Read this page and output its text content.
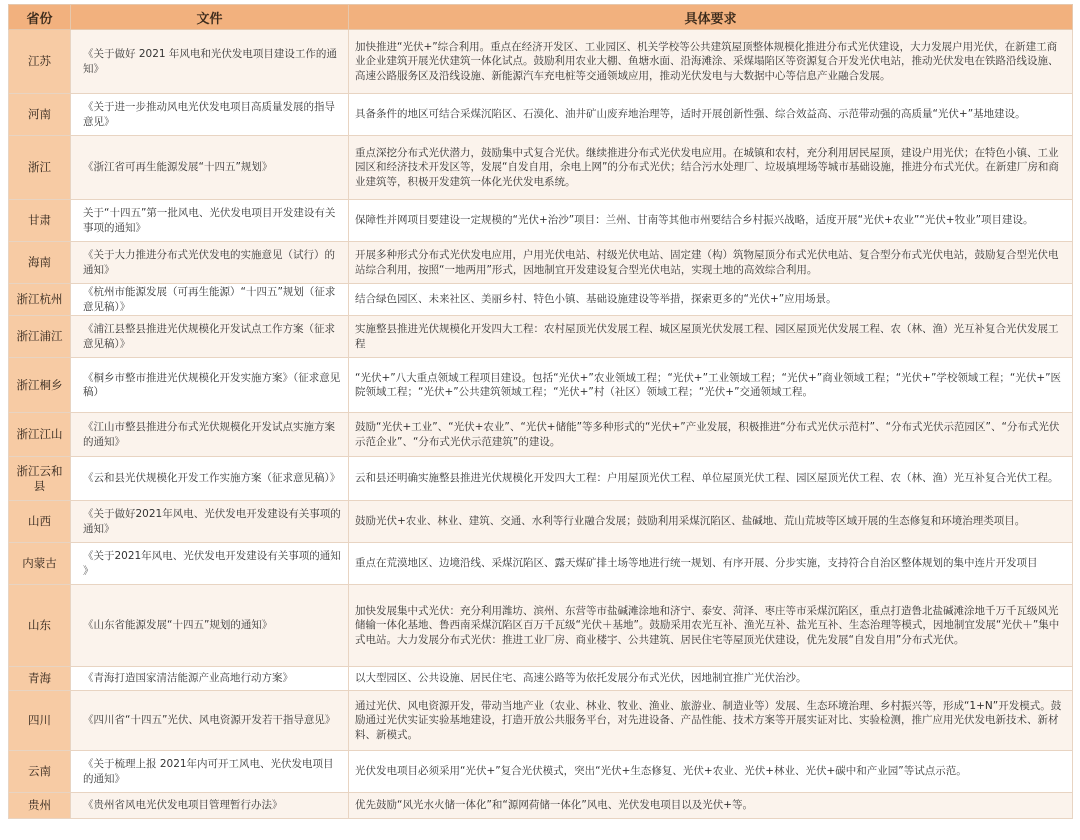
省份	文件	具体要求
江苏	《关于做好 2021 年风电和光伏发电项目建设工作的通知》	加快推进“光伏+”综合利用。重点在经济开发区、工业园区、机关学校等公共建筑屋顶整体规模化推进分布式光伏建设，大力发展户用光伏，在新建工商业企业建筑开展光伏建筑一体化试点。鼓励利用农业大棚、鱼塘水面、沿海滩涂、采煤塌陷区等资源复合开发光伏电站，推动光伏发电在铁路沿线设施、高速公路服务区及沿线设施、新能源汽车充电桩等交通领域应用，推动光伏发电与大数据中心等信息产业融合发展。
河南	《关于进一步推动风电光伏发电项目高质量发展的指导意见》	具备条件的地区可结合采煤沉陷区、石漠化、油井矿山废弃地治理等，适时开展创新性强、综合效益高、示范带动强的高质量“光伏+”基地建设。
浙江	《浙江省可再生能源发展“十四五”规划》	重点深挖分布式光伏潜力，鼓励集中式复合光伏。继续推进分布式光伏发电应用。在城镇和农村，充分利用居民屋顶，建设户用光伏；在特色小镇、工业园区和经济技术开发区等，发展“自发自用，余电上网”的分布式光伏；结合污水处理厂、垃圾填埋场等城市基础设施，推进分布式光伏。在新建厂房和商业建筑等，积极开发建筑一体化光伏发电系统。
甘肃	关于“十四五”第一批风电、光伏发电项目开发建设有关事项的通知》	保障性并网项目要建设一定规模的“光伏+治沙”项目：兰州、甘南等其他市州要结合乡村振兴战略，适度开展“光伏+农业”“光伏+牧业”项目建设。
海南	《关于大力推进分布式光伏发电的实施意见（试行）的通知》	开展多种形式分布式光伏发电应用，户用光伏电站、村级光伏电站、固定建（构）筑物屋顶分布式光伏电站、复合型分布式光伏电站，鼓励复合型光伏电站综合利用，按照“一地两用”形式，因地制宜开发建设复合型光伏电站，实现土地的高效综合利用。
浙江杭州	《杭州市能源发展（可再生能源）“十四五”规划（征求意见稿）》	结合绿色园区、未来社区、美丽乡村、特色小镇、基础设施建设等举措，探索更多的“光伏+”应用场景。
浙江浦江	《浦江县整县推进光伏规模化开发试点工作方案（征求意见稿）》	实施整县推进光伏规模化开发四大工程：农村屋顶光伏发展工程、城区屋顶光伏发展工程、园区屋顶光伏发展工程、农（林、渔）光互补复合光伏发展工程
浙江桐乡	《桐乡市整市推进光伏规模化开发实施方案》（征求意见稿）	“光伏+”八大重点领域工程项目建设。包括“光伏+”农业领域工程；“光伏+”工业领域工程；“光伏+”商业领域工程；“光伏+”学校领域工程；“光伏+”医院领域工程；“光伏+”公共建筑领域工程；“光伏+”村（社区）领域工程；“光伏+”交通领域工程。
浙江江山	《江山市整县推进分布式光伏规模化开发试点实施方案的通知》	鼓励“光伏+工业”、“光伏+农业”、“光伏+储能”等多种形式的“光伏+”产业发展，积极推进“分布式光伏示范村”、“分布式光伏示范园区”、“分布式光伏示范企业”、“分布式光伏示范建筑”的建设。
浙江云和县	《云和县光伏规模化开发工作实施方案（征求意见稿）》	云和县还明确实施整县推进光伏规模化开发四大工程：户用屋顶光伏工程、单位屋顶光伏工程、园区屋顶光伏工程、农（林、渔）光互补复合光伏工程。
山西	《关于做好2021年风电、光伏发电开发建设有关事项的通知》	鼓励光伏+农业、林业、建筑、交通、水利等行业融合发展；鼓励利用采煤沉陷区、盐碱地、荒山荒坡等区域开展的生态修复和环境治理类项目。
内蒙古	《关于2021年风电、光伏发电开发建设有关事项的通知 》	重点在荒漠地区、边境沿线、采煤沉陷区、露天煤矿排土场等地进行统一规划、有序开展、分步实施，支持符合自治区整体规划的集中连片开发项目
山东	《山东省能源发展“十四五”规划的通知》	加快发展集中式光伏：充分利用潍坊、滨州、东营等市盐碱滩涂地和济宁、泰安、菏泽、枣庄等市采煤沉陷区，重点打造鲁北盐碱滩涂地千万千瓦级风光储输一体化基地、鲁西南采煤沉陷区百万千瓦级“光伏＋基地”。鼓励采用农光互补、渔光互补、盐光互补、生态治理等模式，因地制宜发展“光伏＋”集中式电站。大力发展分布式光伏：推进工业厂房、商业楼宇、公共建筑、居民住宅等屋顶光伏建设，优先发展“自发自用”分布式光伏。
青海	《青海打造国家清洁能源产业高地行动方案》	以大型园区、公共设施、居民住宅、高速公路等为依托发展分布式光伏，因地制宜推广光伏治沙。
四川	《四川省“十四五”光伏、风电资源开发若干指导意见》	通过光伏、风电资源开发，带动当地产业（农业、林业、牧业、渔业、旅游业、制造业等）发展、生态环境治理、乡村振兴等，形成“1+N”开发模式。鼓励通过光伏实证实验基地建设，打造开放公共服务平台，对先进设备、产品性能、技术方案等开展实证对比、实验检测，推广应用光伏发电新技术、新材料、新模式。
云南	《关于梳理上报 2021年内可开工风电、光伏发电项目的通知》	光伏发电项目必须采用“光伏+”复合光伏模式，突出“光伏+生态修复、光伏+农业、光伏+林业、光伏+碳中和产业园”等试点示范。
贵州	《贵州省风电光伏发电项目管理暂行办法》	优先鼓励“风光水火储一体化”和“源网荷储一体化”风电、光伏发电项目以及光伏+等。
